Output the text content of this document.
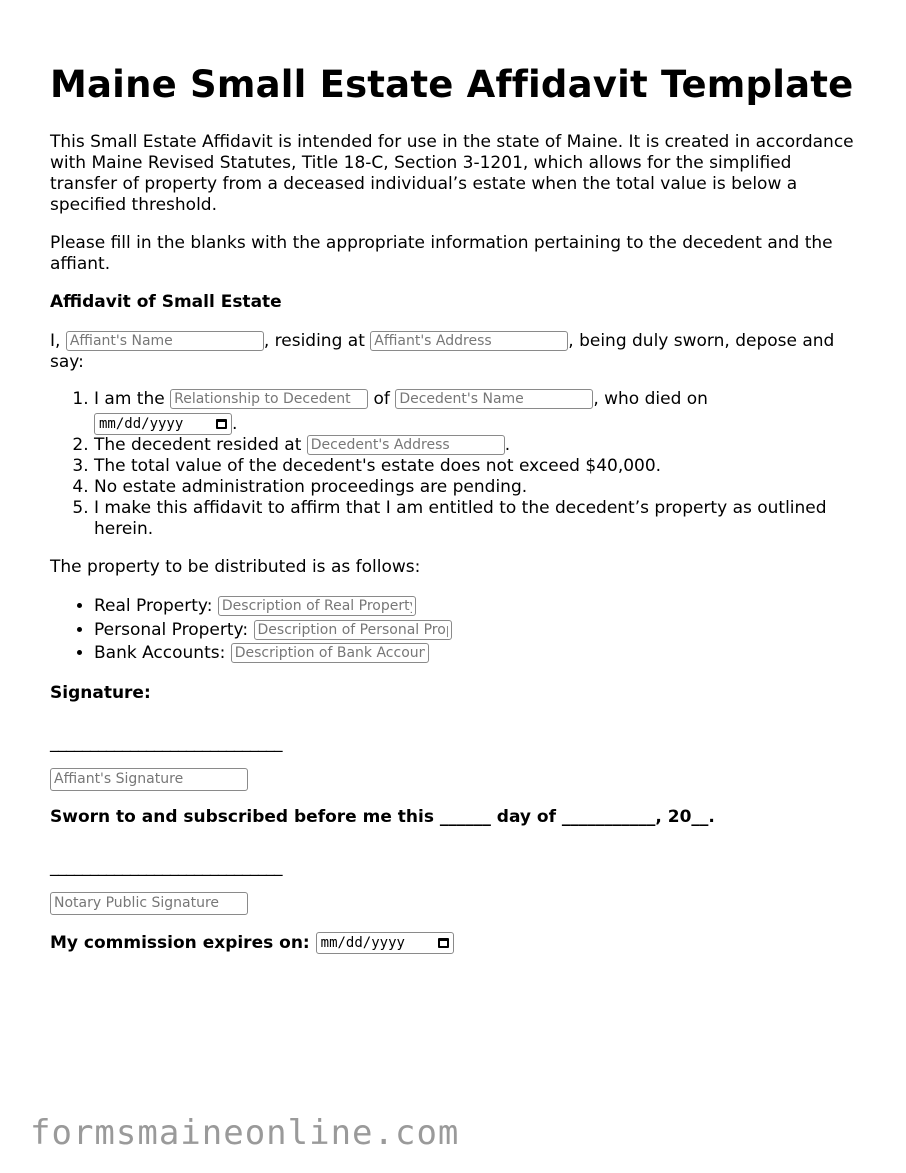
Maine Small Estate Affidavit Template

This Small Estate Affidavit is intended for use in the state of Maine. It is created in accordance with Maine Revised Statutes, Title 18-C, Section 3-1201, which allows for the simplified transfer of property from a deceased individual’s estate when the total value is below a specified threshold.

Please fill in the blanks with the appropriate information pertaining to the decedent and the affiant.

Affidavit of Small Estate

I, Affiant's Name	, residing at Affiant's Address	, being duly sworn, depose and say:

1. I am the Relationship to Decedent	of Decedent's Name	, who died on
mm/dd/yyyy	.
2. The decedent resided at Decedent's Address	.
3. The total value of the decedent's estate does not exceed $40,000.
4. No estate administration proceedings are pending.
5. I make this affidavit to affirm that I am entitled to the decedent’s property as outlined herein.

The property to be distributed is as follows:

• Real Property: Description of Real Property
• Personal Property: Description of Personal Property
• Bank Accounts: Description of Bank Accounts
Signature:
_____________________________
Affiant's Signature
Sworn to and subscribed before me this ______ day of ___________, 20__.
_____________________________
Notary Public Signature
My commission expires on: mm/dd/yyyy
formsmaineonline.com
